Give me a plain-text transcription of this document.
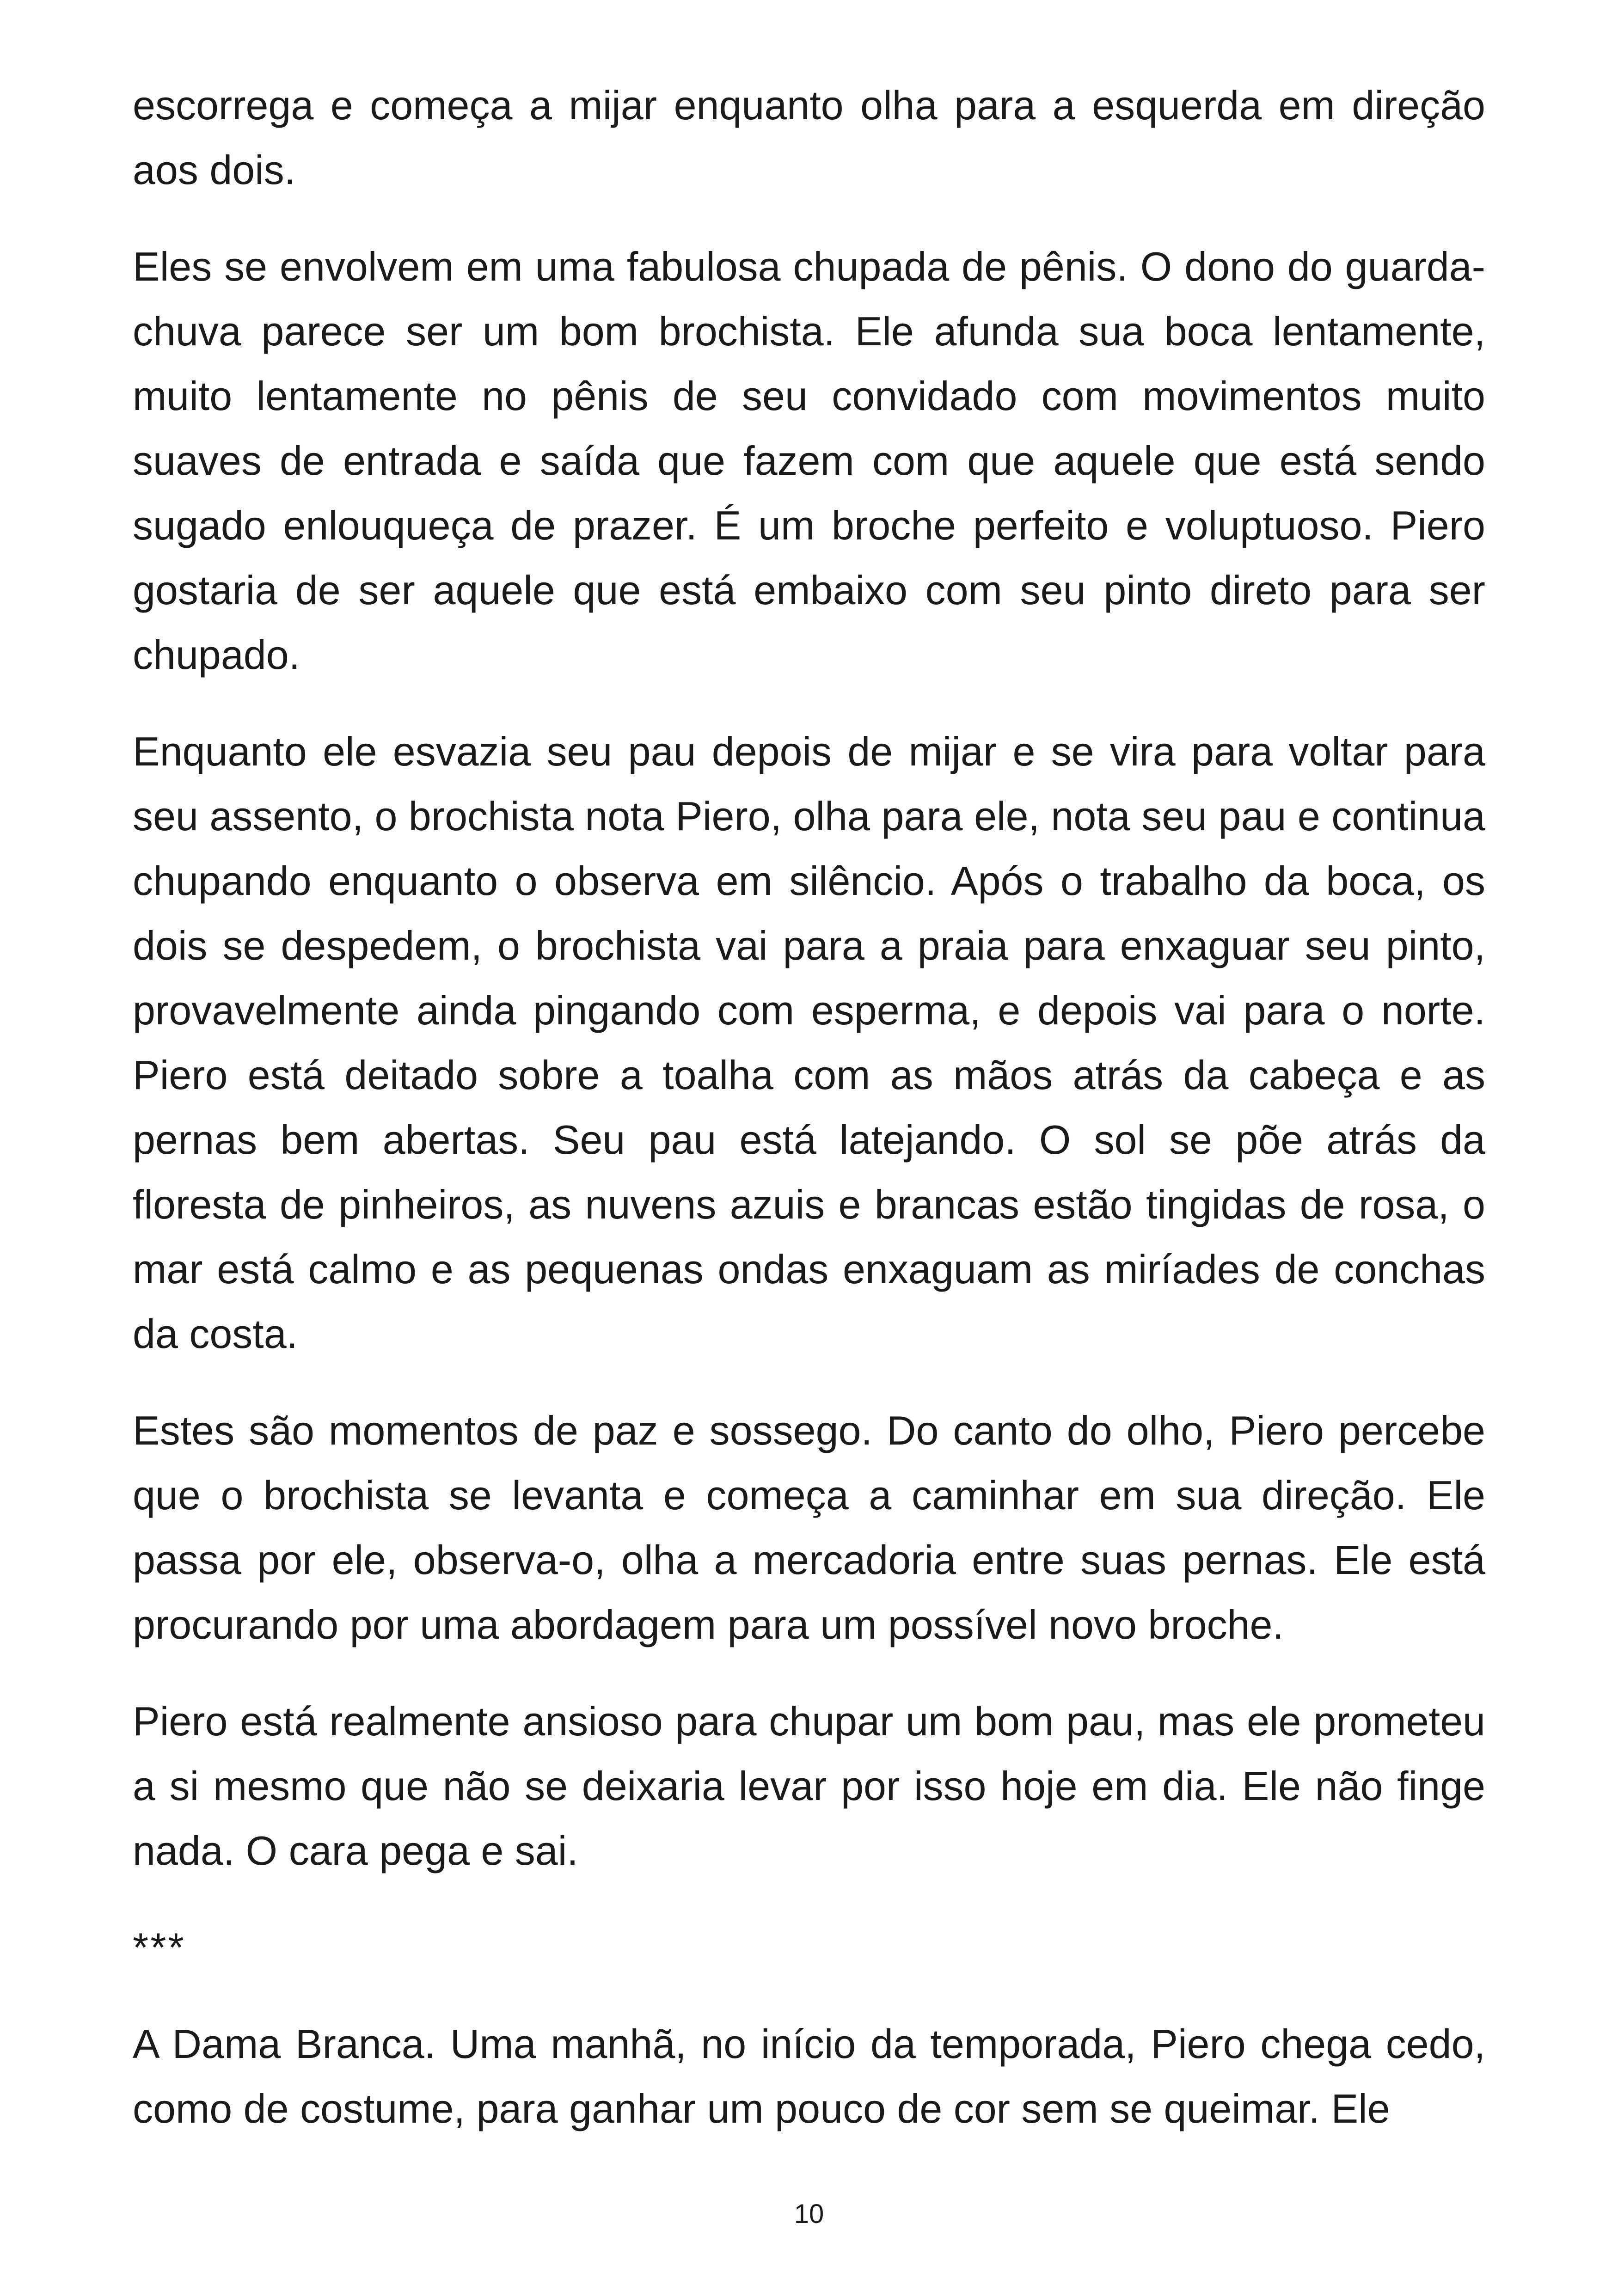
escorrega e começa a mijar enquanto olha para a esquerda em direção aos dois.

Eles se envolvem em uma fabulosa chupada de pênis. O dono do guarda-chuva parece ser um bom brochista. Ele afunda sua boca lentamente, muito lentamente no pênis de seu convidado com movimentos muito suaves de entrada e saída que fazem com que aquele que está sendo sugado enlouqueça de prazer. É um broche perfeito e voluptuoso. Piero gostaria de ser aquele que está embaixo com seu pinto direto para ser chupado.

Enquanto ele esvazia seu pau depois de mijar e se vira para voltar para seu assento, o brochista nota Piero, olha para ele, nota seu pau e continua chupando enquanto o observa em silêncio. Após o trabalho da boca, os dois se despedem, o brochista vai para a praia para enxaguar seu pinto, provavelmente ainda pingando com esperma, e depois vai para o norte. Piero está deitado sobre a toalha com as mãos atrás da cabeça e as pernas bem abertas. Seu pau está latejando. O sol se põe atrás da floresta de pinheiros, as nuvens azuis e brancas estão tingidas de rosa, o mar está calmo e as pequenas ondas enxaguam as miríades de conchas da costa.

Estes são momentos de paz e sossego. Do canto do olho, Piero percebe que o brochista se levanta e começa a caminhar em sua direção. Ele passa por ele, observa-o, olha a mercadoria entre suas pernas. Ele está procurando por uma abordagem para um possível novo broche.

Piero está realmente ansioso para chupar um bom pau, mas ele prometeu a si mesmo que não se deixaria levar por isso hoje em dia. Ele não finge nada. O cara pega e sai.

***

A Dama Branca. Uma manhã, no início da temporada, Piero chega cedo, como de costume, para ganhar um pouco de cor sem se queimar. Ele

10
